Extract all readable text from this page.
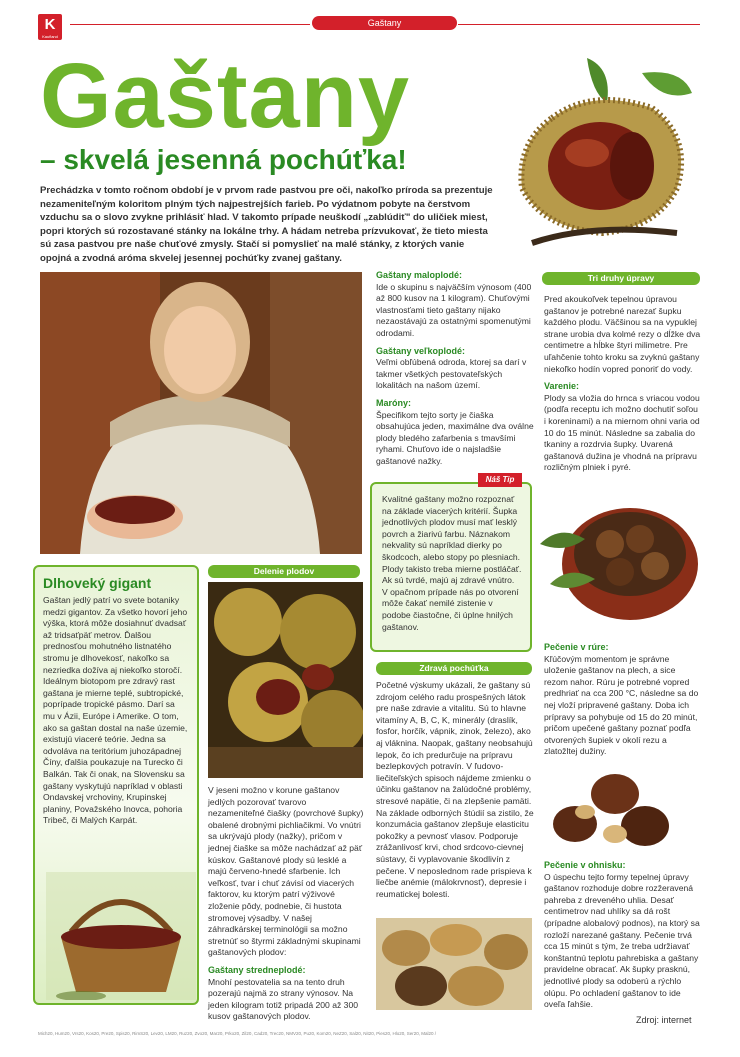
K
Kaufland
Gaštany
Gaštany
– skvelá jesenná pochúťka!
Prechádzka v tomto ročnom období je v prvom rade pastvou pre oči, nakoľko príroda sa prezentuje nezameniteľným koloritom plným tých najpestrejších farieb. Po výdatnom pobyte na čerstvom vzduchu sa o slovo zvykne prihlásiť hlad. V takomto prípade neuškodí „zablúdiť" do uličiek miest, popri ktorých sú rozostavané stánky na lokálne trhy. A hádam netreba prízvukovať, že tieto miesta sú zasa pastvou pre naše chuťové zmysly. Stačí si pomyslieť na malé stánky, z ktorých vanie opojná a zvodná aróma skvelej jesennej pochúťky zvanej gaštany.
Dlhoveký gigant
Gaštan jedlý patrí vo svete botaniky medzi gigantov. Za všetko hovorí jeho výška, ktorá môže dosiahnuť dvadsať až tridsaťpäť metrov. Ďalšou prednosťou mohutného listnatého stromu je dlhovekosť, nakoľko sa nezriedka dožíva aj niekoľko storočí. Ideálnym biotopom pre zdravý rast gaštana je mierne teplé, subtropické, poprípade tropické pásmo. Darí sa mu v Ázii, Európe i Amerike. O tom, ako sa gaštan dostal na naše územie, existujú viaceré teórie. Jedna sa odvoláva na teritórium juhozápadnej Číny, ďalšia poukazuje na Turecko či Balkán. Tak či onak, na Slovensku sa gaštany vyskytujú napríklad v oblasti Ondavskej vrchoviny, Krupinskej planiny, Považského Inovca, pohoria Tribeč, či Malých Karpát.
Delenie plodov
V jeseni možno v korune gaštanov jedlých pozorovať tvarovo nezameniteľné čiašky (povrchové šupky) obalené drobnými pichliačikmi. Vo vnútri sa ukrývajú plody (nažky), pričom v jednej čiaške sa môže nachádzať až päť kúskov. Gaštanové plody sú lesklé a majú červeno-hnedé sfarbenie. Ich veľkosť, tvar i chuť závisí od viacerých faktorov, ku ktorým patrí výživové zloženie pôdy, podnebie, či hustota stromovej výsadby. V našej záhradkárskej terminológii sa možno stretnúť so štyrmi základnými skupinami gaštanových plodov:
Gaštany stredneplodé:
Mnohí pestovatelia sa na tento druh pozerajú najmä zo strany výnosov. Na jeden kilogram totiž pripadá 200 až 300 kusov gaštanových plodov.
Gaštany maloplodé:
Ide o skupinu s najväčším výnosom (400 až 800 kusov na 1 kilogram). Chuťovými vlastnosťami tieto gaštany nijako nezaostávajú za ostatnými spomenutými odrodami.
Gaštany veľkoplodé:
Veľmi obľúbená odroda, ktorej sa darí v takmer všetkých pestovateľských lokalitách na našom území.
Maróny:
Špecifikom tejto sorty je čiaška obsahujúca jeden, maximálne dva oválne plody bledého zafarbenia s tmavšími ryhami. Chuťovo ide o najsladšie gaštanové nažky.
Kvalitné gaštany možno rozpoznať na základe viacerých kritérií. Šupka jednotlivých plodov musí mať lesklý povrch a žiarivú farbu. Náznakom nekvality sú napríklad dierky po škodcoch, alebo stopy po plesniach. Plody takisto treba mierne postláčať. Ak sú tvrdé, majú aj zdravé vnútro. V opačnom prípade nás po otvorení môže čakať nemilé zistenie v podobe čiastočne, či úplne hnilých gaštanov.
Náš Tip
Zdravá pochúťka
Početné výskumy ukázali, že gaštany sú zdrojom celého radu prospešných látok pre naše zdravie a vitalitu. Sú to hlavne vitamíny A, B, C, K, minerály (draslík, fosfor, horčík, vápnik, zinok, železo), ako aj vláknina. Naopak, gaštany neobsahujú lepok, čo ich predurčuje na prípravu bezlepkových potravín. V ľudovo-liečiteľských spisoch nájdeme zmienku o účinku gaštanov na žalúdočné problémy, stresové napätie, či na zlepšenie pamäti. Na základe odborných štúdií sa zistilo, že konzumácia gaštanov zlepšuje elasticitu pokožky a pevnosť vlasov. Podporuje zrážanlivosť krvi, chod srdcovo-cievnej sústavy, či vyplavovanie škodlivín z pečene. V neposlednom rade prispieva k liečbe anémie (málokrvnosť), depresie i reumatickej bolesti.
Tri druhy úpravy
Pred akoukoľvek tepelnou úpravou gaštanov je potrebné narezať šupku každého plodu. Väčšinou sa na vypuklej strane urobia dva kolmé rezy o dĺžke dva centimetre a hĺbke štyri milimetre. Pre uľahčenie tohto kroku sa zvyknú gaštany niekoľko hodín vopred ponoriť do vody.
Varenie:
Plody sa vložia do hrnca s vriacou vodou (podľa receptu ich možno dochutiť soľou i koreninami) a na miernom ohni varia od 10 do 15 minút. Následne sa zabalia do tkaniny a rozdrvia šupky. Uvarená gaštanová dužina je vhodná na prípravu rozličným plniek i pyré.
Pečenie v rúre:
Kľúčovým momentom je správne uloženie gaštanov na plech, a sice rezom nahor. Rúru je potrebné vopred predhriať na cca 200 °C, následne sa do nej vloží pripravené gaštany. Doba ich prípravy sa pohybuje od 15 do 20 minút, pričom upečené gaštany poznať podľa otvorených šupiek v okolí rezu a zlatožltej dužiny.
Pečenie v ohnisku:
O úspechu tejto formy tepelnej úpravy gaštanov rozhoduje dobre rozžeravená pahreba z dreveného uhlia. Desať centimetrov nad uhlíky sa dá rošt (prípadne alobalový podnos), na ktorý sa rozloží narezané gaštany. Pečenie trvá cca 15 minút s tým, že treba udržiavať konštantnú teplotu pahrebiska a gaštany pravidelne obracať. Ak šupky prasknú, jednotlivé plody sa odoberú a rýchlo olúpu. Po ochladení gaštanov to ide oveľa ľahšie.
Zdroj: internet
Mich20, Hum20, Vrs20, Kos20, Pre20, Spis20, RimS20, Lev20, LM20, Ruz20, Zvo20, Mar20, Prko20, Zil20, Cad20, Trec20, NMV20, Pu20, Kom20, NeZ20, Sal20, Nit20, Pies20, Hlo20, Ser20, Mal20 /
